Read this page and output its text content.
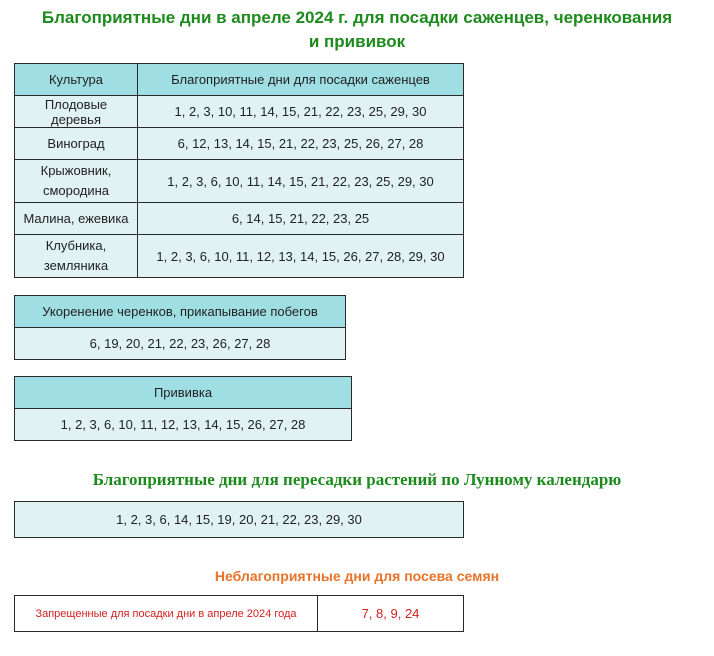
Благоприятные дни в апреле 2024 г. для посадки саженцев, черенкования
и прививок
Культура	Благоприятные дни для посадки саженцев
Плодовые деревья	1, 2, 3, 10, 11, 14, 15, 21, 22, 23, 25, 29, 30
Виноград	6, 12, 13, 14, 15, 21, 22, 23, 25, 26, 27, 28
Крыжовник, смородина	1, 2, 3, 6, 10, 11, 14, 15, 21, 22, 23, 25, 29, 30
Малина, ежевика	6, 14, 15, 21, 22, 23, 25
Клубника, земляника	1, 2, 3, 6, 10, 11, 12, 13, 14, 15, 26, 27, 28, 29, 30
Укоренение черенков, прикапывание побегов
6, 19, 20, 21, 22, 23, 26, 27, 28
Прививка
1, 2, 3, 6, 10, 11, 12, 13, 14, 15, 26, 27, 28
Благоприятные дни для пересадки растений по Лунному календарю
1, 2, 3, 6, 14, 15, 19, 20, 21, 22, 23, 29, 30
Неблагоприятные дни для посева семян
Запрещенные для посадки дни в апреле 2024 года	7, 8, 9, 24
